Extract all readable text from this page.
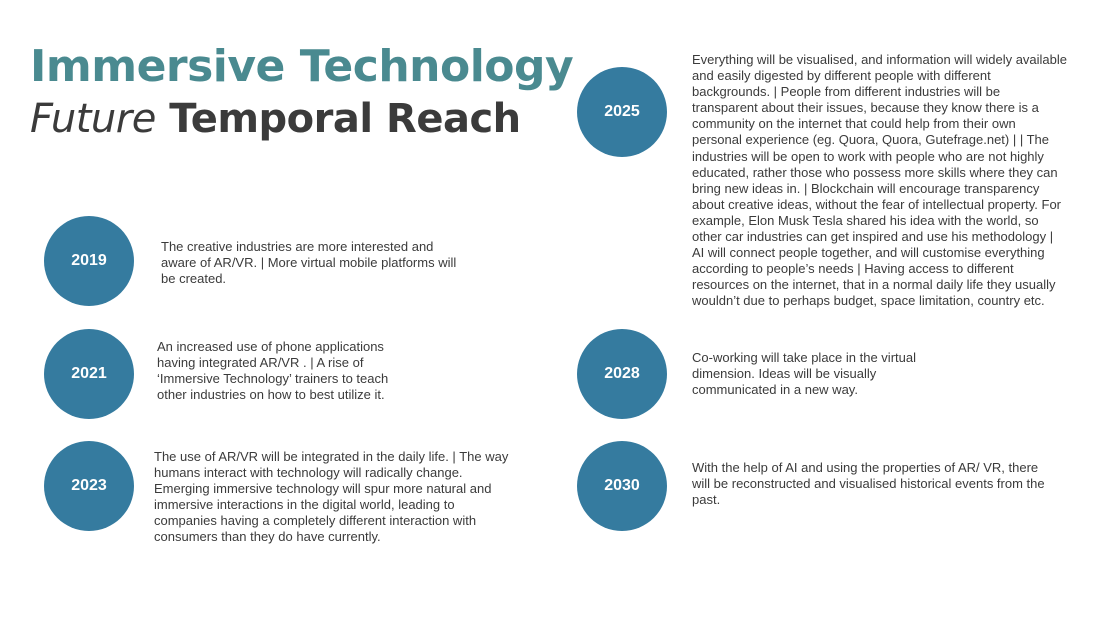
Immersive Technology
Future Temporal Reach
2019

The creative industries are more interested and aware of AR/VR. | More virtual mobile platforms will be created.

2021

An increased use of phone applications having integrated AR/VR . | A rise of ‘Immersive Technology’ trainers to teach other industries on how to best utilize it.

2023

The use of AR/VR will be integrated in the daily life. | The way humans interact with technology will radically change. Emerging immersive technology will spur more natural and immersive interactions in the digital world, leading to companies having a completely different interaction with consumers than they do have currently.

2025

Everything will be visualised, and information will widely available and easily digested by different people with different backgrounds. | People from different industries will be transparent about their issues, because they know there is a community on the internet that could help from their own personal experience (eg. Quora, Quora, Gutefrage.net) | | The industries will be open to work with people who are not highly educated, rather those who possess more skills where they can bring new ideas in. | Blockchain will encourage transparency about creative ideas, without the fear of intellectual property. For example, Elon Musk Tesla shared his idea with the world, so other car industries can get inspired and use his methodology | AI will connect people together, and will customise everything according to people’s needs | Having access to different resources on the internet, that in a normal daily life they usually wouldn’t due to perhaps budget, space limitation, country etc.

2028

Co-working will take place in the virtual dimension. Ideas will be visually communicated in a new way.

2030

With the help of AI and using the properties of AR/ VR, there will be reconstructed and visualised historical events from the past.
